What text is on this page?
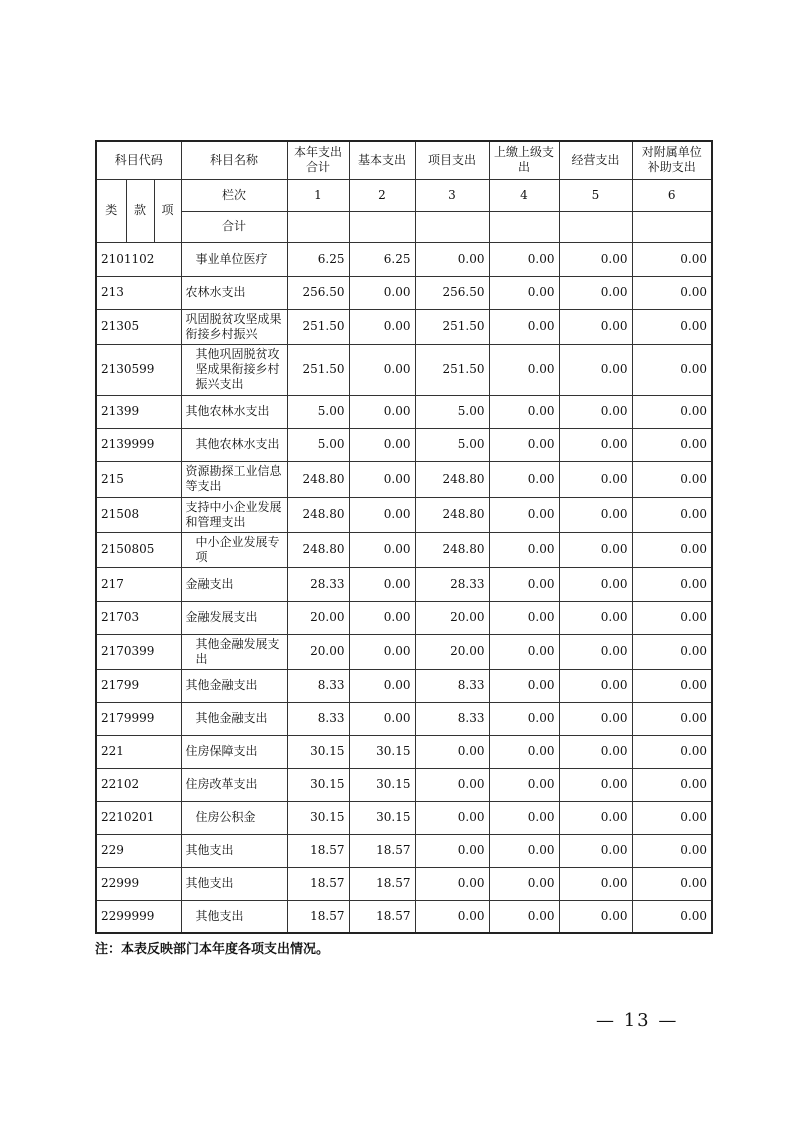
科目代码			科目名称	本年支出合计	基本支出	项目支出	上缴上级支出	经营支出	对附属单位补助支出
类	款	项	栏次	1	2	3	4	5	6
			合计						
2101102			事业单位医疗	6.25	6.25	0.00	0.00	0.00	0.00
213			农林水支出	256.50	0.00	256.50	0.00	0.00	0.00
21305			巩固脱贫攻坚成果衔接乡村振兴	251.50	0.00	251.50	0.00	0.00	0.00
2130599			其他巩固脱贫攻坚成果衔接乡村振兴支出	251.50	0.00	251.50	0.00	0.00	0.00
21399			其他农林水支出	5.00	0.00	5.00	0.00	0.00	0.00
2139999			其他农林水支出	5.00	0.00	5.00	0.00	0.00	0.00
215			资源勘探工业信息等支出	248.80	0.00	248.80	0.00	0.00	0.00
21508			支持中小企业发展和管理支出	248.80	0.00	248.80	0.00	0.00	0.00
2150805			中小企业发展专项	248.80	0.00	248.80	0.00	0.00	0.00
217			金融支出	28.33	0.00	28.33	0.00	0.00	0.00
21703			金融发展支出	20.00	0.00	20.00	0.00	0.00	0.00
2170399			其他金融发展支出	20.00	0.00	20.00	0.00	0.00	0.00
21799			其他金融支出	8.33	0.00	8.33	0.00	0.00	0.00
2179999			其他金融支出	8.33	0.00	8.33	0.00	0.00	0.00
221			住房保障支出	30.15	30.15	0.00	0.00	0.00	0.00
22102			住房改革支出	30.15	30.15	0.00	0.00	0.00	0.00
2210201			住房公积金	30.15	30.15	0.00	0.00	0.00	0.00
229			其他支出	18.57	18.57	0.00	0.00	0.00	0.00
22999			其他支出	18.57	18.57	0.00	0.00	0.00	0.00
2299999			其他支出	18.57	18.57	0.00	0.00	0.00	0.00
注：本表反映部门本年度各项支出情况。
— 13 —
